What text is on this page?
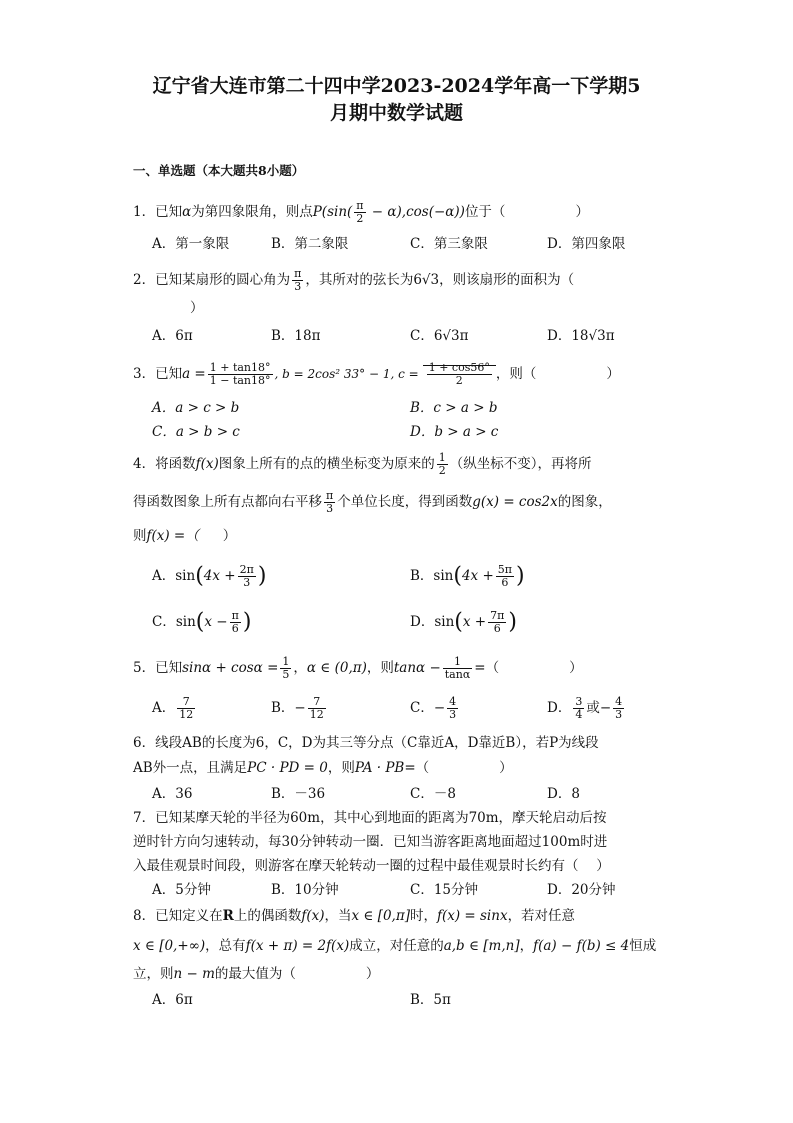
辽宁省大连市第二十四中学2023-2024学年高一下学期5
月期中数学试题
一、单选题（本大题共8小题）
1．已知α为第四象限角，则点$P(\sin( \frac{\pi}{2} - \alpha),\cos(-\alpha))$位于（	）
A．第一象限	B．第二象限	C．第三象限	D．第四象限
2．已知某扇形的圆心角为 $\frac{\pi}{3}$ ，其所对的弦长为6√3，则该扇形的面积为（
）
A．6π	B．18π	C．6√3π	D．18√3π
3．已知$a = \frac{1 + \tan 18^\circ}{1 - \tan 18^\circ}$ , b = 2cos² 33° − 1, $c = \frac{1 + \cos 56^\circ}{2}$ ，则（	）
A．a > c > b	B．c > a > b
C．a > b > c	D．b > a > c
4．将函数f(x)图象上所有的点的横坐标变为原来的 $\frac{1}{2}$ （纵坐标不变），再将所
得函数图象上所有点都向右平移 $\frac{\pi}{3}$ 个单位长度，得到函数g(x) = cos2x的图象，
则f(x) =（ ）
A．$\sin(4x + \frac{2\pi}{3}$ )	B．$\sin(4x + \frac{5\pi}{6}$ )
C．$\sin(x - \frac{\pi}{6}$ )	D．$\sin(x + \frac{7\pi}{6}$ )
5．已知$\sin\alpha + \cos\alpha = \frac{1}{5}$ ，α ∈ (0,π)，则$\tan\alpha - \frac{1}{\tan\alpha}$ =（	）
A． $\frac{7}{12}$	B．− $\frac{7}{12}$	C．− $\frac{4}{3}$	D． $\frac{3}{4}$ 或− $\frac{4}{3}$
6．线段AB的长度为6，C，D为其三等分点（C靠近A，D靠近B），若P为线段
AB外一点，且满足PC · PD = 0，则PA · PB=（	）
A．36	B．－36	C．－8	D．8
7．已知某摩天轮的半径为60m，其中心到地面的距离为70m，摩天轮启动后按
逆时针方向匀速转动，每30分钟转动一圈．已知当游客距离地面超过100m时进
入最佳观景时间段，则游客在摩天轮转动一圈的过程中最佳观景时长约有（　 ）
A．5分钟	B．10分钟	C．15分钟	D．20分钟
8．已知定义在R上的偶函数f(x)，当x ∈ [0,π]时，f(x) = sinx，若对任意
x ∈ [0,+∞)，总有f(x + π) = 2f(x)成立，对任意的a,b ∈ [m,n]，f(a) − f(b) ≤ 4恒成
立，则n − m的最大值为（	）
A．6π	B．5π
